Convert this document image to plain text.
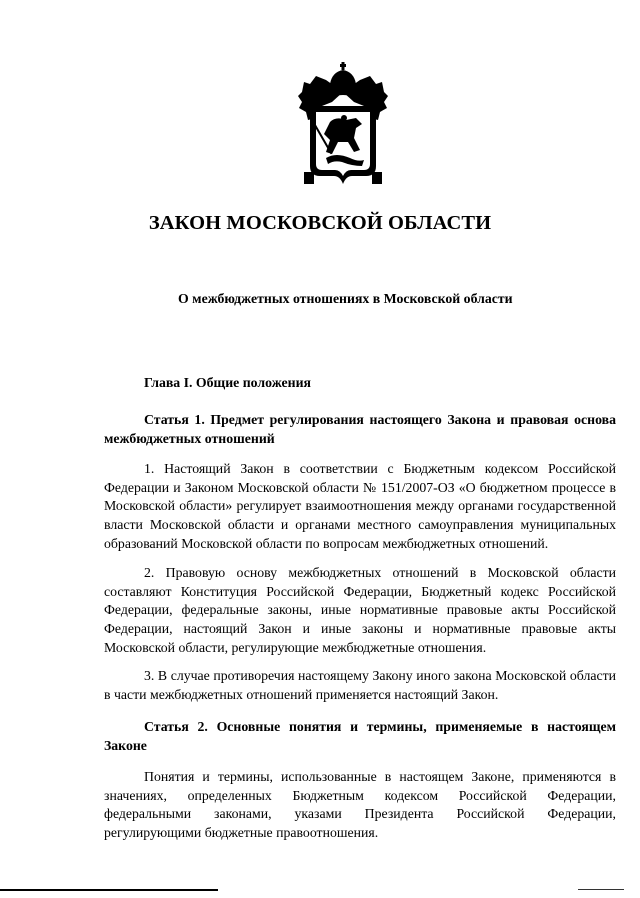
ЗАКОН МОСКОВСКОЙ ОБЛАСТИ
О межбюджетных отношениях в Московской области
Глава I. Общие положения
Статья 1. Предмет регулирования настоящего Закона и правовая основа межбюджетных отношений

1. Настоящий Закон в соответствии с Бюджетным кодексом Российской Федерации и Законом Московской области № 151/2007-ОЗ «О бюджетном процессе в Московской области» регулирует взаимоотношения между органами государственной власти Московской области и органами местного самоуправления муниципальных образований Московской области по вопросам межбюджетных отношений.

2. Правовую основу межбюджетных отношений в Московской области составляют Конституция Российской Федерации, Бюджетный кодекс Российской Федерации, федеральные законы, иные нормативные правовые акты Российской Федерации, настоящий Закон и иные законы и нормативные правовые акты Московской области, регулирующие межбюджетные отношения.

3. В случае противоречия настоящему Закону иного закона Московской области в части межбюджетных отношений применяется настоящий Закон.

Статья 2. Основные понятия и термины, применяемые в настоящем Законе

Понятия и термины, использованные в настоящем Законе, применяются в значениях, определенных Бюджетным кодексом Российской Федерации, федеральными законами, указами Президента Российской Федерации, регулирующими бюджетные правоотношения.
